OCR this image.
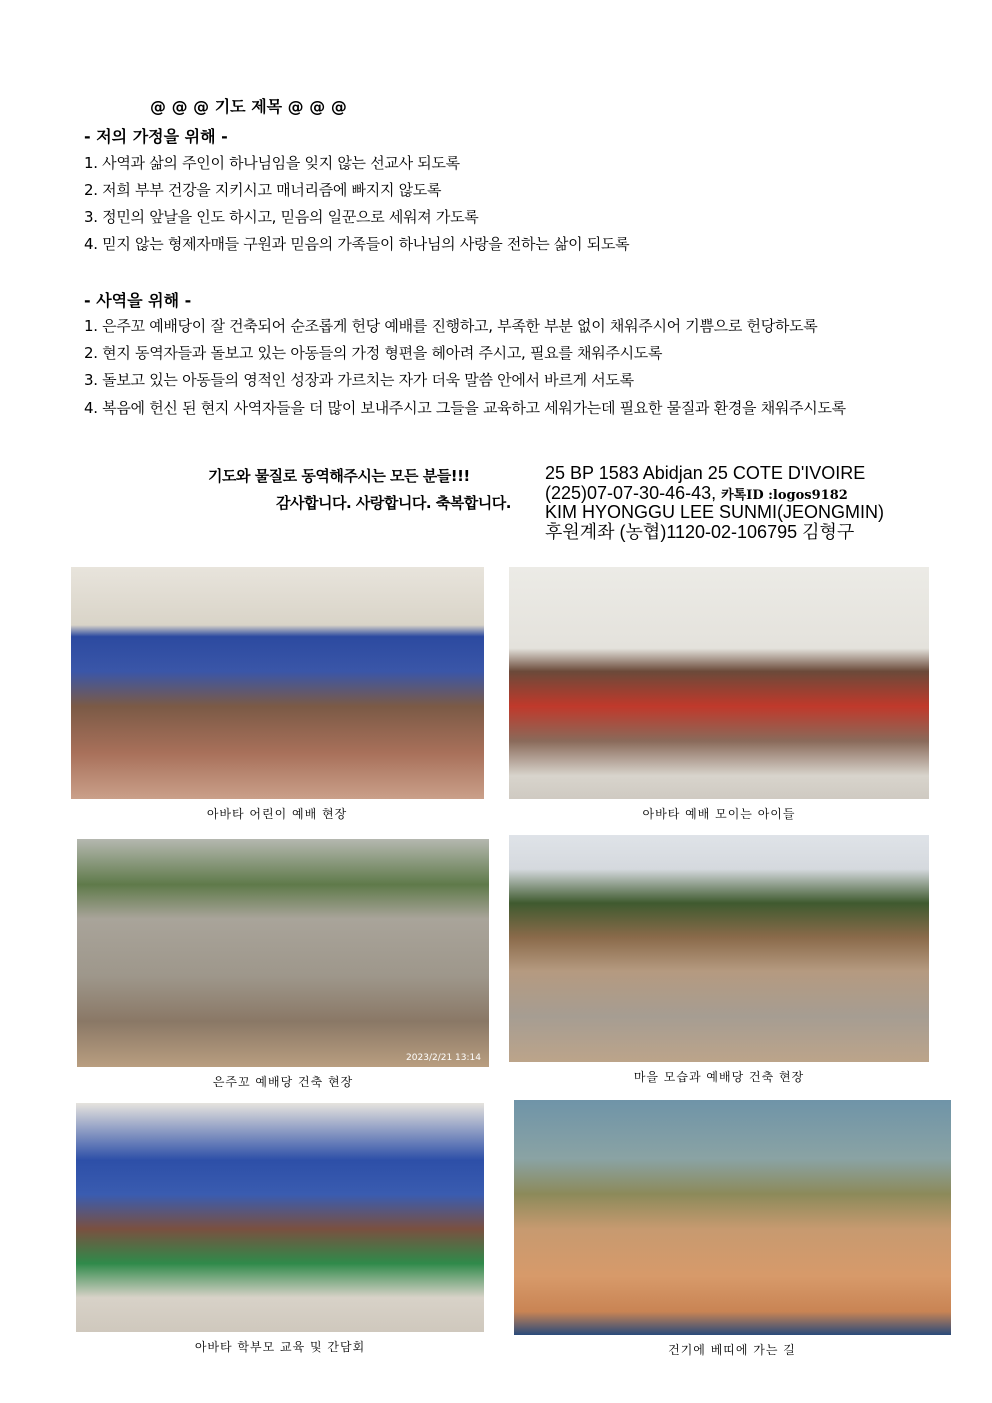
@ @ @ 기도 제목 @ @ @
- 저의 가정을 위해 -
1. 사역과 삶의 주인이 하나님임을 잊지 않는 선교사 되도록
2. 저희 부부 건강을 지키시고 매너리즘에 빠지지 않도록
3. 정민의 앞날을 인도 하시고, 믿음의 일꾼으로 세워져 가도록
4. 믿지 않는 형제자매들 구원과 믿음의 가족들이 하나님의 사랑을 전하는 삶이 되도록
- 사역을 위해 -
1. 은주꼬 예배당이 잘 건축되어 순조롭게 헌당 예배를 진행하고, 부족한 부분 없이 채워주시어 기쁨으로 헌당하도록
2. 현지 동역자들과 돌보고 있는 아동들의 가정 형편을 헤아려 주시고, 필요를 채워주시도록
3. 돌보고 있는 아동들의 영적인 성장과 가르치는 자가 더욱 말씀 안에서 바르게 서도록
4. 복음에 헌신 된 현지 사역자들을 더 많이 보내주시고 그들을 교육하고 세워가는데 필요한 물질과 환경을 채워주시도록
기도와 물질로 동역해주시는 모든 분들!!!
감사합니다. 사랑합니다. 축복합니다.
25 BP 1583 Abidjan 25 COTE D'IVOIRE
(225)07-07-30-46-43, 카톡ID :logos9182
KIM HYONGGU LEE SUNMI(JEONGMIN)
후원계좌 (농협)1120-02-106795 김형구
아바타 어린이 예배 현장	아바타 예배 모이는 아이들
2023/2/21 13:14
은주꼬 예배당 건축 현장	마을 모습과 예배당 건축 현장
아바타 학부모 교육 및 간담회	건기에 베띠에 가는 길
